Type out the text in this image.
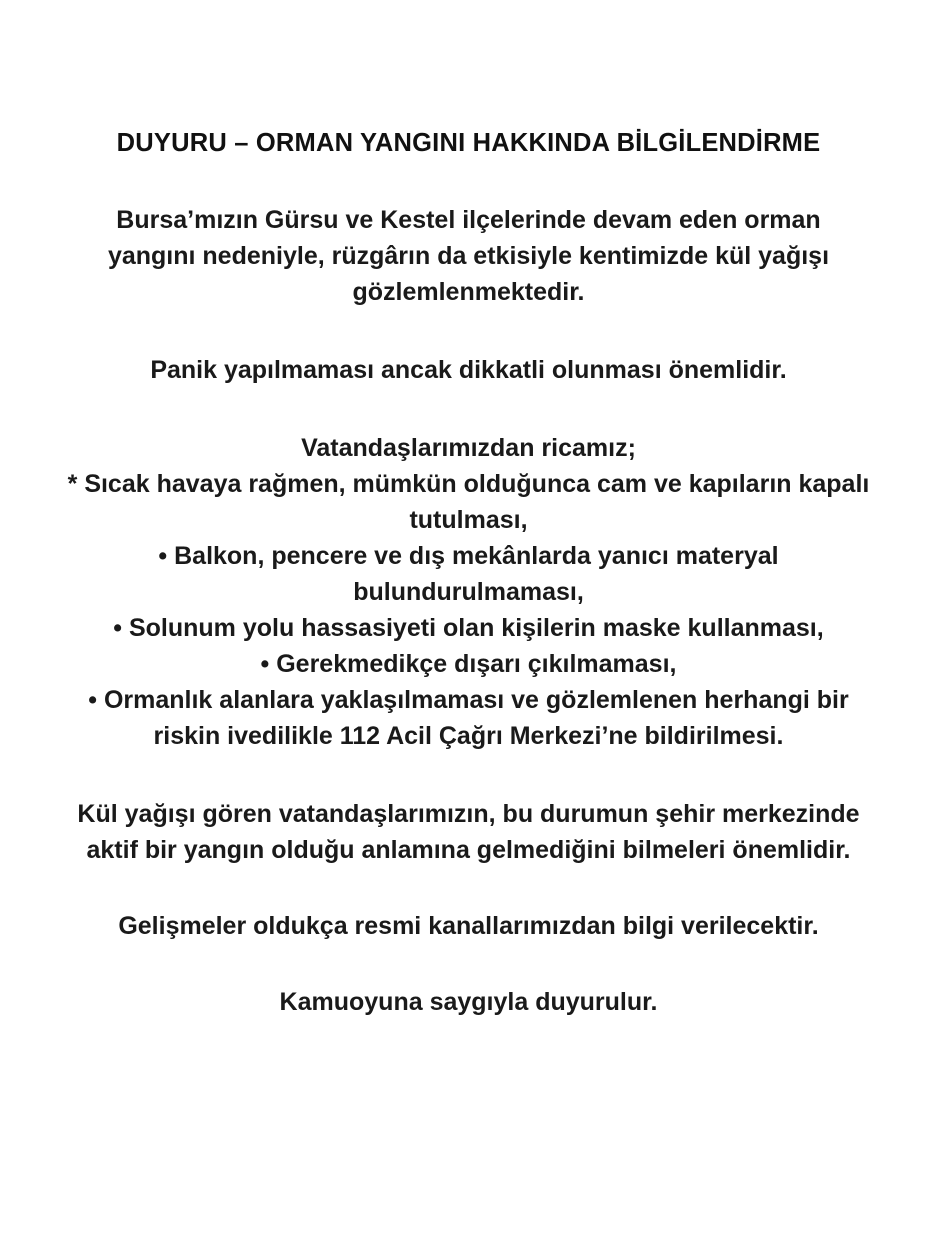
DUYURU – ORMAN YANGINI HAKKINDA BİLGİLENDİRME

Bursa’mızın Gürsu ve Kestel ilçelerinde devam eden orman yangını nedeniyle, rüzgârın da etkisiyle kentimizde kül yağışı gözlemlenmektedir.

Panik yapılmaması ancak dikkatli olunması önemlidir.

Vatandaşlarımızdan ricamız;

* Sıcak havaya rağmen, mümkün olduğunca cam ve kapıların kapalı tutulması,

• Balkon, pencere ve dış mekânlarda yanıcı materyal bulundurulmaması,

• Solunum yolu hassasiyeti olan kişilerin maske kullanması,

• Gerekmedikçe dışarı çıkılmaması,

• Ormanlık alanlara yaklaşılmaması ve gözlemlenen herhangi bir riskin ivedilikle 112 Acil Çağrı Merkezi’ne bildirilmesi.

Kül yağışı gören vatandaşlarımızın, bu durumun şehir merkezinde aktif bir yangın olduğu anlamına gelmediğini bilmeleri önemlidir.

Gelişmeler oldukça resmi kanallarımızdan bilgi verilecektir.

Kamuoyuna saygıyla duyurulur.
